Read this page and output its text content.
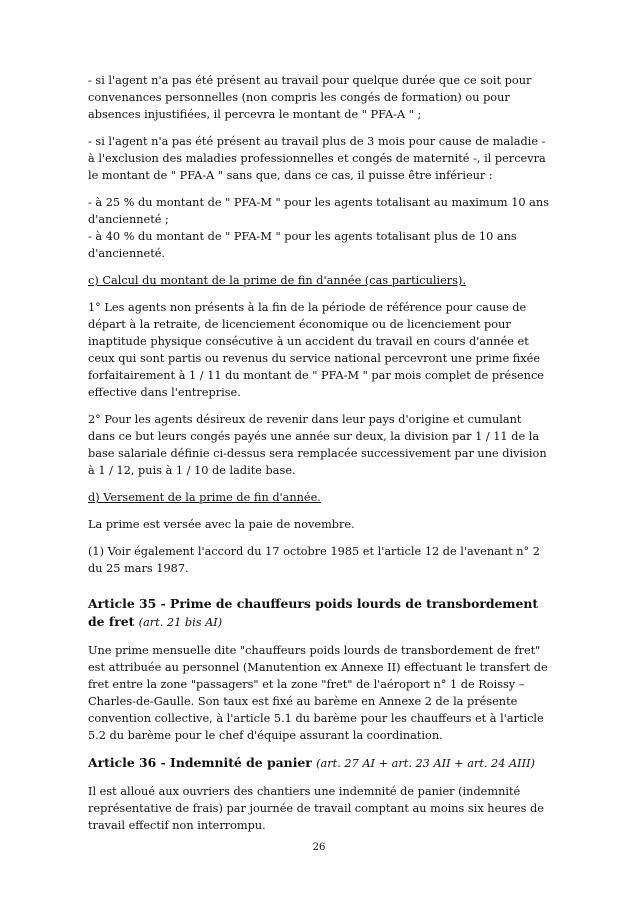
- si l'agent n'a pas été présent au travail pour quelque durée que ce soit pour convenances personnelles (non compris les congés de formation) ou pour absences injustifiées, il percevra le montant de " PFA-A " ;

- si l'agent n'a pas été présent au travail plus de 3 mois pour cause de maladie - à l'exclusion des maladies professionnelles et congés de maternité -, il percevra le montant de " PFA-A " sans que, dans ce cas, il puisse être inférieur :

- à 25 % du montant de " PFA-M " pour les agents totalisant au maximum 10 ans d'ancienneté ;

- à 40 % du montant de " PFA-M " pour les agents totalisant plus de 10 ans d'ancienneté.

c) Calcul du montant de la prime de fin d'année (cas particuliers).

1° Les agents non présents à la fin de la période de référence pour cause de départ à la retraite, de licenciement économique ou de licenciement pour inaptitude physique consécutive à un accident du travail en cours d'année et ceux qui sont partis ou revenus du service national percevront une prime fixée forfaitairement à 1 / 11 du montant de " PFA-M " par mois complet de présence effective dans l'entreprise.

2° Pour les agents désireux de revenir dans leur pays d'origine et cumulant dans ce but leurs congés payés une année sur deux, la division par 1 / 11 de la base salariale définie ci-dessus sera remplacée successivement par une division à 1 / 12, puis à 1 / 10 de ladite base.

d) Versement de la prime de fin d'année.

La prime est versée avec la paie de novembre.

(1) Voir également l'accord du 17 octobre 1985 et l'article 12 de l'avenant n° 2 du 25 mars 1987.

Article 35 - Prime de chauffeurs poids lourds de transbordement de fret (art. 21 bis AI)

Une prime mensuelle dite "chauffeurs poids lourds de transbordement de fret" est attribuée au personnel (Manutention ex Annexe II) effectuant le transfert de fret entre la zone "passagers" et la zone "fret" de l'aéroport n° 1 de Roissy – Charles-de-Gaulle. Son taux est fixé au barème en Annexe 2 de la présente convention collective, à l'article 5.1 du barème pour les chauffeurs et à l'article 5.2 du barème pour le chef d'équipe assurant la coordination.

Article 36 - Indemnité de panier (art. 27 AI + art. 23 AII + art. 24 AIII)

Il est alloué aux ouvriers des chantiers une indemnité de panier (indemnité représentative de frais) par journée de travail comptant au moins six heures de travail effectif non interrompu.

26
